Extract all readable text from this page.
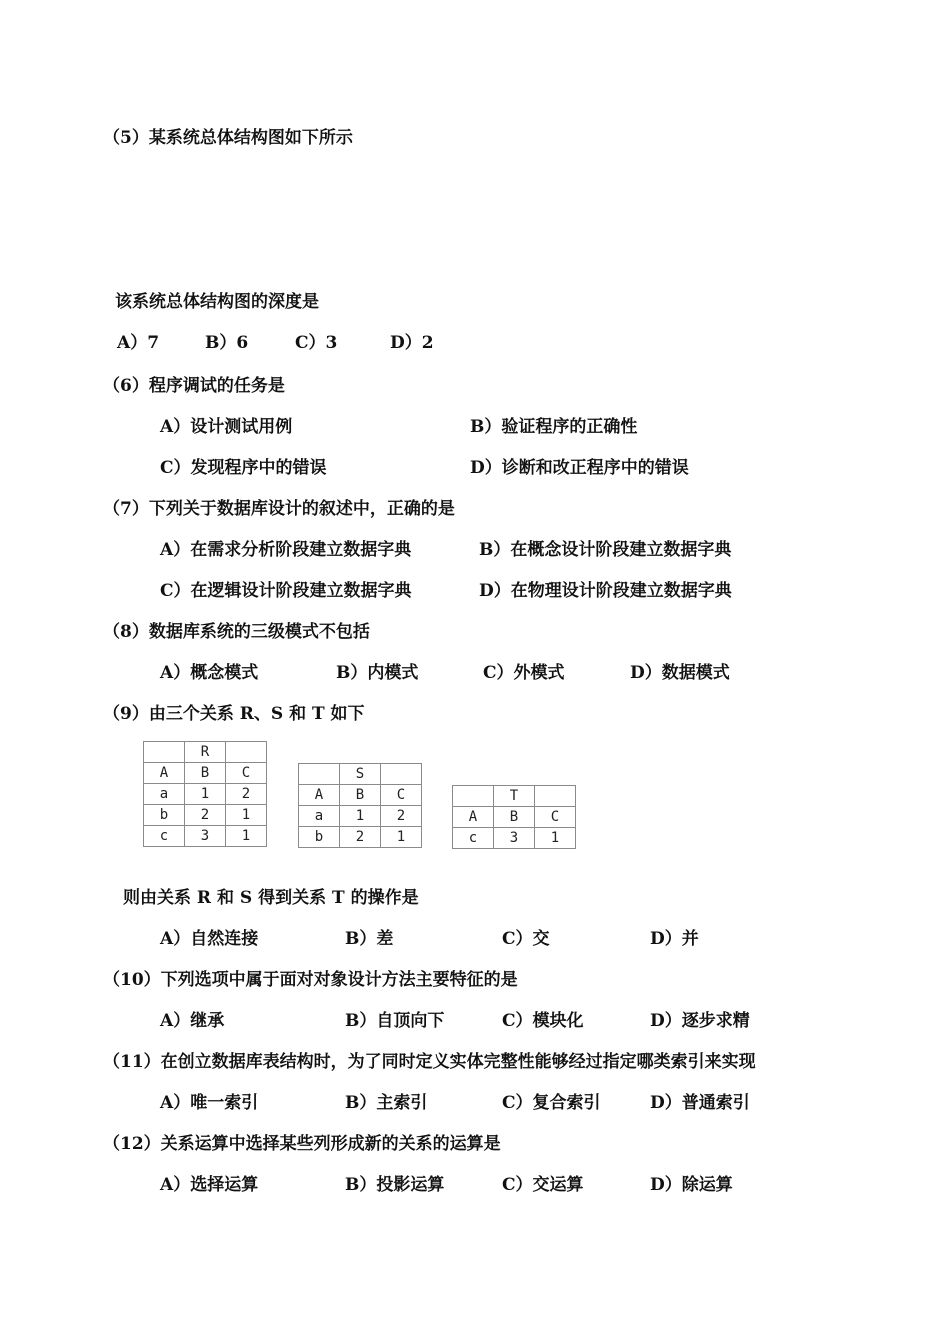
（5）某系统总体结构图如下所示
该系统总体结构图的深度是
A）7	B）6	C）3	D）2
（6）程序调试的任务是
A）设计测试用例	B）验证程序的正确性
C）发现程序中的错误	D）诊断和改正程序中的错误
（7）下列关于数据库设计的叙述中，正确的是
A）在需求分析阶段建立数据字典	B）在概念设计阶段建立数据字典
C）在逻辑设计阶段建立数据字典	D）在物理设计阶段建立数据字典
（8）数据库系统的三级模式不包括
A）概念模式	B）内模式	C）外模式	D）数据模式
（9）由三个关系 R、S 和 T 如下
	R	
A	B	C
a	1	2
b	2	1
c	3	1
	S	
A	B	C
a	1	2
b	2	1
	T	
A	B	C
c	3	1
则由关系 R 和 S 得到关系 T 的操作是
A）自然连接	B）差	C）交	D）并
（10）下列选项中属于面对对象设计方法主要特征的是
A）继承	B）自顶向下	C）模块化	D）逐步求精
（11）在创立数据库表结构时，为了同时定义实体完整性能够经过指定哪类索引来实现
A）唯一索引	B）主索引	C）复合索引	D）普通索引
（12）关系运算中选择某些列形成新的关系的运算是
A）选择运算	B）投影运算	C）交运算	D）除运算
